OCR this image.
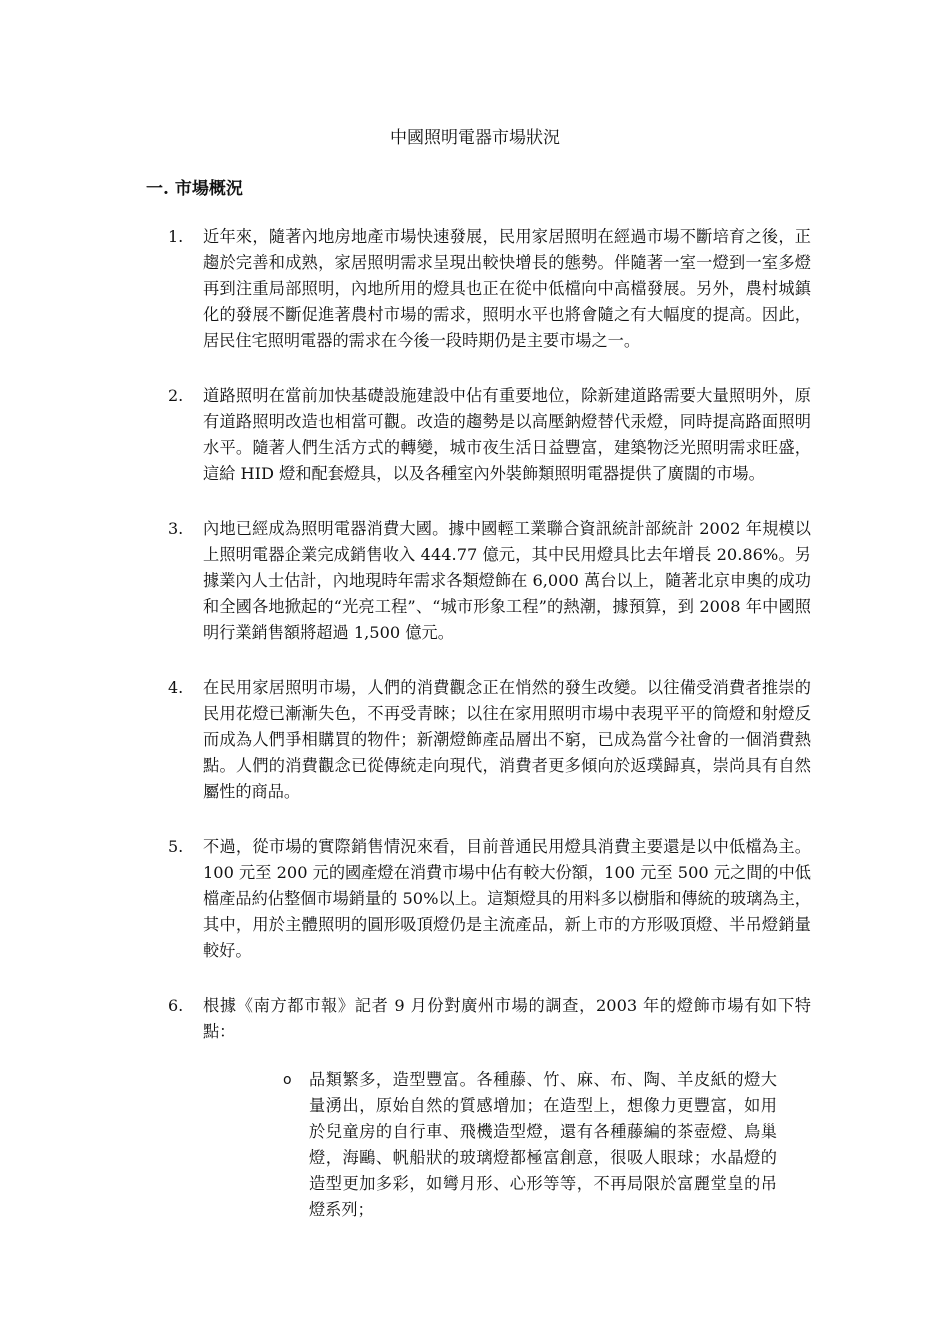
中國照明電器市場狀況
一. 市場概況
1.	近年來，隨著內地房地產市場快速發展，民用家居照明在經過市場不斷培育之後，正趨於完善和成熟，家居照明需求呈現出較快增長的態勢。伴隨著一室一燈到一室多燈再到注重局部照明，內地所用的燈具也正在從中低檔向中高檔發展。另外，農村城鎮化的發展不斷促進著農村市場的需求，照明水平也將會隨之有大幅度的提高。因此，居民住宅照明電器的需求在今後一段時期仍是主要市場之一。
2.	道路照明在當前加快基礎設施建設中佔有重要地位，除新建道路需要大量照明外，原有道路照明改造也相當可觀。改造的趨勢是以高壓鈉燈替代汞燈，同時提高路面照明水平。隨著人們生活方式的轉變，城市夜生活日益豐富，建築物泛光照明需求旺盛，這給 HID 燈和配套燈具，以及各種室內外裝飾類照明電器提供了廣闊的市場。
3.	內地已經成為照明電器消費大國。據中國輕工業聯合資訊統計部統計 2002 年規模以上照明電器企業完成銷售收入 444.77 億元，其中民用燈具比去年增長 20.86%。另據業內人士估計，內地現時年需求各類燈飾在 6,000 萬台以上，隨著北京申奧的成功和全國各地掀起的“光亮工程”、“城市形象工程”的熱潮，據預算，到 2008 年中國照明行業銷售額將超過 1,500 億元。
4.	在民用家居照明市場，人們的消費觀念正在悄然的發生改變。以往備受消費者推崇的民用花燈已漸漸失色，不再受青睞；以往在家用照明市場中表現平平的筒燈和射燈反而成為人們爭相購買的物件；新潮燈飾產品層出不窮，已成為當今社會的一個消費熱點。人們的消費觀念已從傳統走向現代，消費者更多傾向於返璞歸真，崇尚具有自然屬性的商品。
5.	不過，從市場的實際銷售情況來看，目前普通民用燈具消費主要還是以中低檔為主。100 元至 200 元的國產燈在消費市場中佔有較大份額，100 元至 500 元之間的中低檔產品約佔整個市場銷量的 50%以上。這類燈具的用料多以樹脂和傳統的玻璃為主，其中，用於主體照明的圓形吸頂燈仍是主流產品，新上市的方形吸頂燈、半吊燈銷量較好。
6.	根據《南方都市報》記者 9 月份對廣州市場的調查，2003 年的燈飾市場有如下特點：
o 品類繁多，造型豐富。各種藤、竹、麻、布、陶、羊皮紙的燈大量湧出，原始自然的質感增加；在造型上，想像力更豐富，如用於兒童房的自行車、飛機造型燈，還有各種藤編的茶壺燈、鳥巢燈，海鷗、帆船狀的玻璃燈都極富創意，很吸人眼球；水晶燈的造型更加多彩，如彎月形、心形等等，不再局限於富麗堂皇的吊燈系列；
